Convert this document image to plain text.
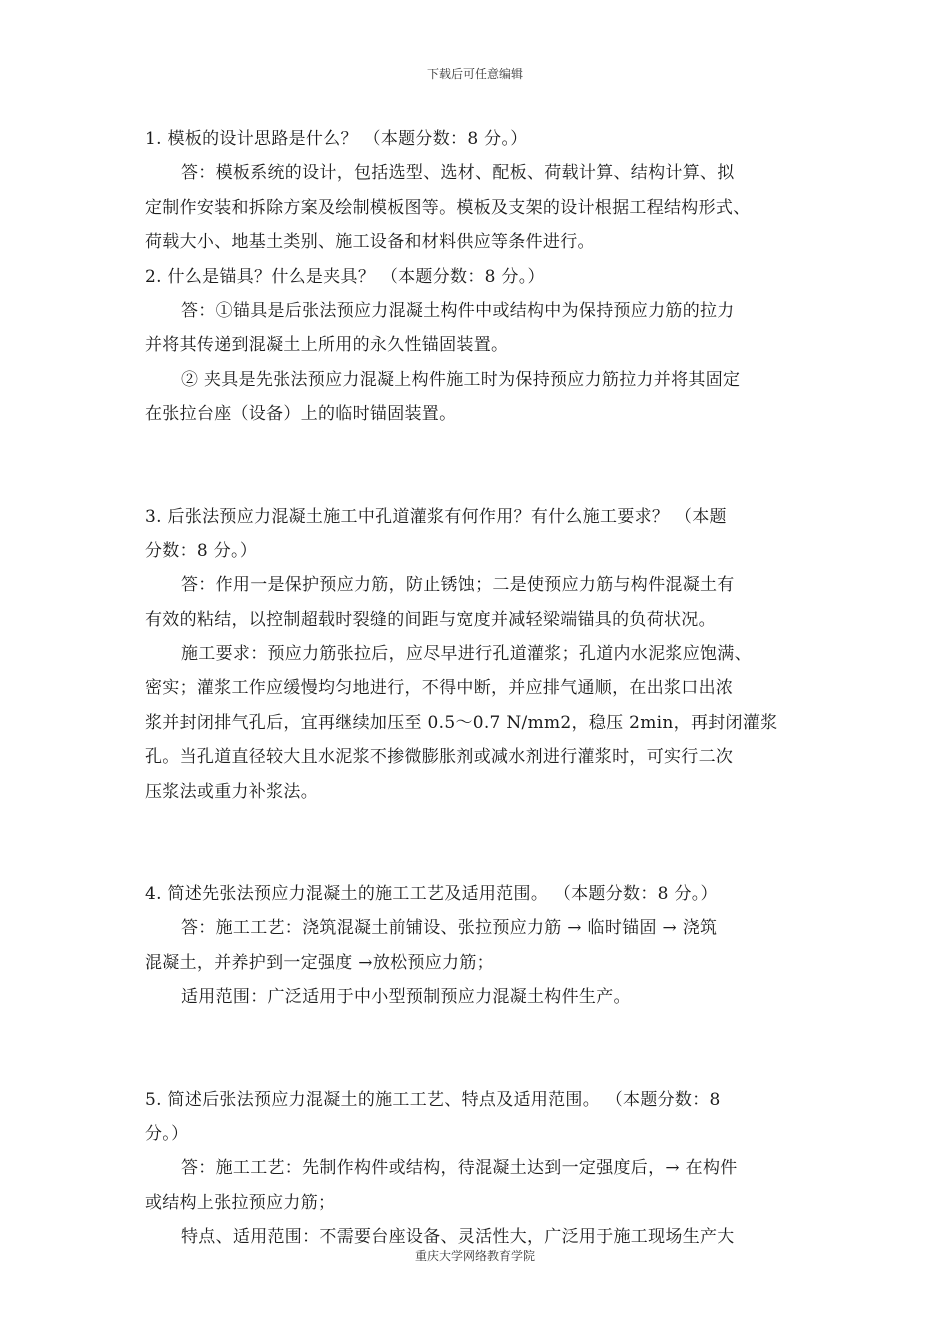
下载后可任意编辑

1. 模板的设计思路是什么？ （本题分数：8 分。）

答：模板系统的设计，包括选型、选材、配板、荷载计算、结构计算、拟

定制作安装和拆除方案及绘制模板图等。模板及支架的设计根据工程结构形式、

荷载大小、地基土类别、施工设备和材料供应等条件进行。

2. 什么是锚具？什么是夹具？ （本题分数：8 分。）

答：①锚具是后张法预应力混凝土构件中或结构中为保持预应力筋的拉力

并将其传递到混凝土上所用的永久性锚固装置。

② 夹具是先张法预应力混凝上构件施工时为保持预应力筋拉力并将其固定

在张拉台座（设备）上的临时锚固装置。

3. 后张法预应力混凝土施工中孔道灌浆有何作用？有什么施工要求？ （本题

分数：8 分。）

答：作用一是保护预应力筋，防止锈蚀；二是使预应力筋与构件混凝土有

有效的粘结，以控制超载时裂缝的间距与宽度并减轻梁端锚具的负荷状况。

施工要求：预应力筋张拉后，应尽早进行孔道灌浆；孔道内水泥浆应饱满、

密实；灌浆工作应缓慢均匀地进行，不得中断，并应排气通顺，在出浆口出浓

浆并封闭排气孔后，宜再继续加压至 0.5～0.7 N/mm2，稳压 2min，再封闭灌浆

孔。当孔道直径较大且水泥浆不掺微膨胀剂或减水剂进行灌浆时，可实行二次

压浆法或重力补浆法。

4. 简述先张法预应力混凝土的施工工艺及适用范围。 （本题分数：8 分。）

答：施工工艺：浇筑混凝土前铺设、张拉预应力筋 → 临时锚固 → 浇筑

混凝土，并养护到一定强度 →放松预应力筋；

适用范围：广泛适用于中小型预制预应力混凝土构件生产。

5. 简述后张法预应力混凝土的施工工艺、特点及适用范围。 （本题分数：8

分。）

答：施工工艺：先制作构件或结构，待混凝土达到一定强度后，→ 在构件

或结构上张拉预应力筋；

特点、适用范围：不需要台座设备、灵活性大，广泛用于施工现场生产大

重庆大学网络教育学院
